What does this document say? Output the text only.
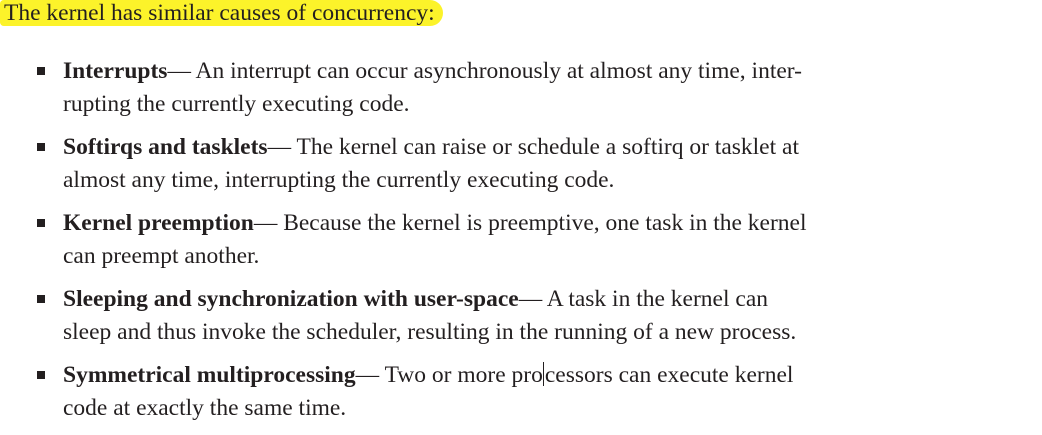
The kernel has similar causes of concurrency:
Interrupts— An interrupt can occur asynchronously at almost any time, inter-
rupting the currently executing code.
Softirqs and tasklets— The kernel can raise or schedule a softirq or tasklet at
almost any time, interrupting the currently executing code.
Kernel preemption— Because the kernel is preemptive, one task in the kernel
can preempt another.
Sleeping and synchronization with user-space— A task in the kernel can
sleep and thus invoke the scheduler, resulting in the running of a new process.
Symmetrical multiprocessing— Two or more processors can execute kernel
code at exactly the same time.
